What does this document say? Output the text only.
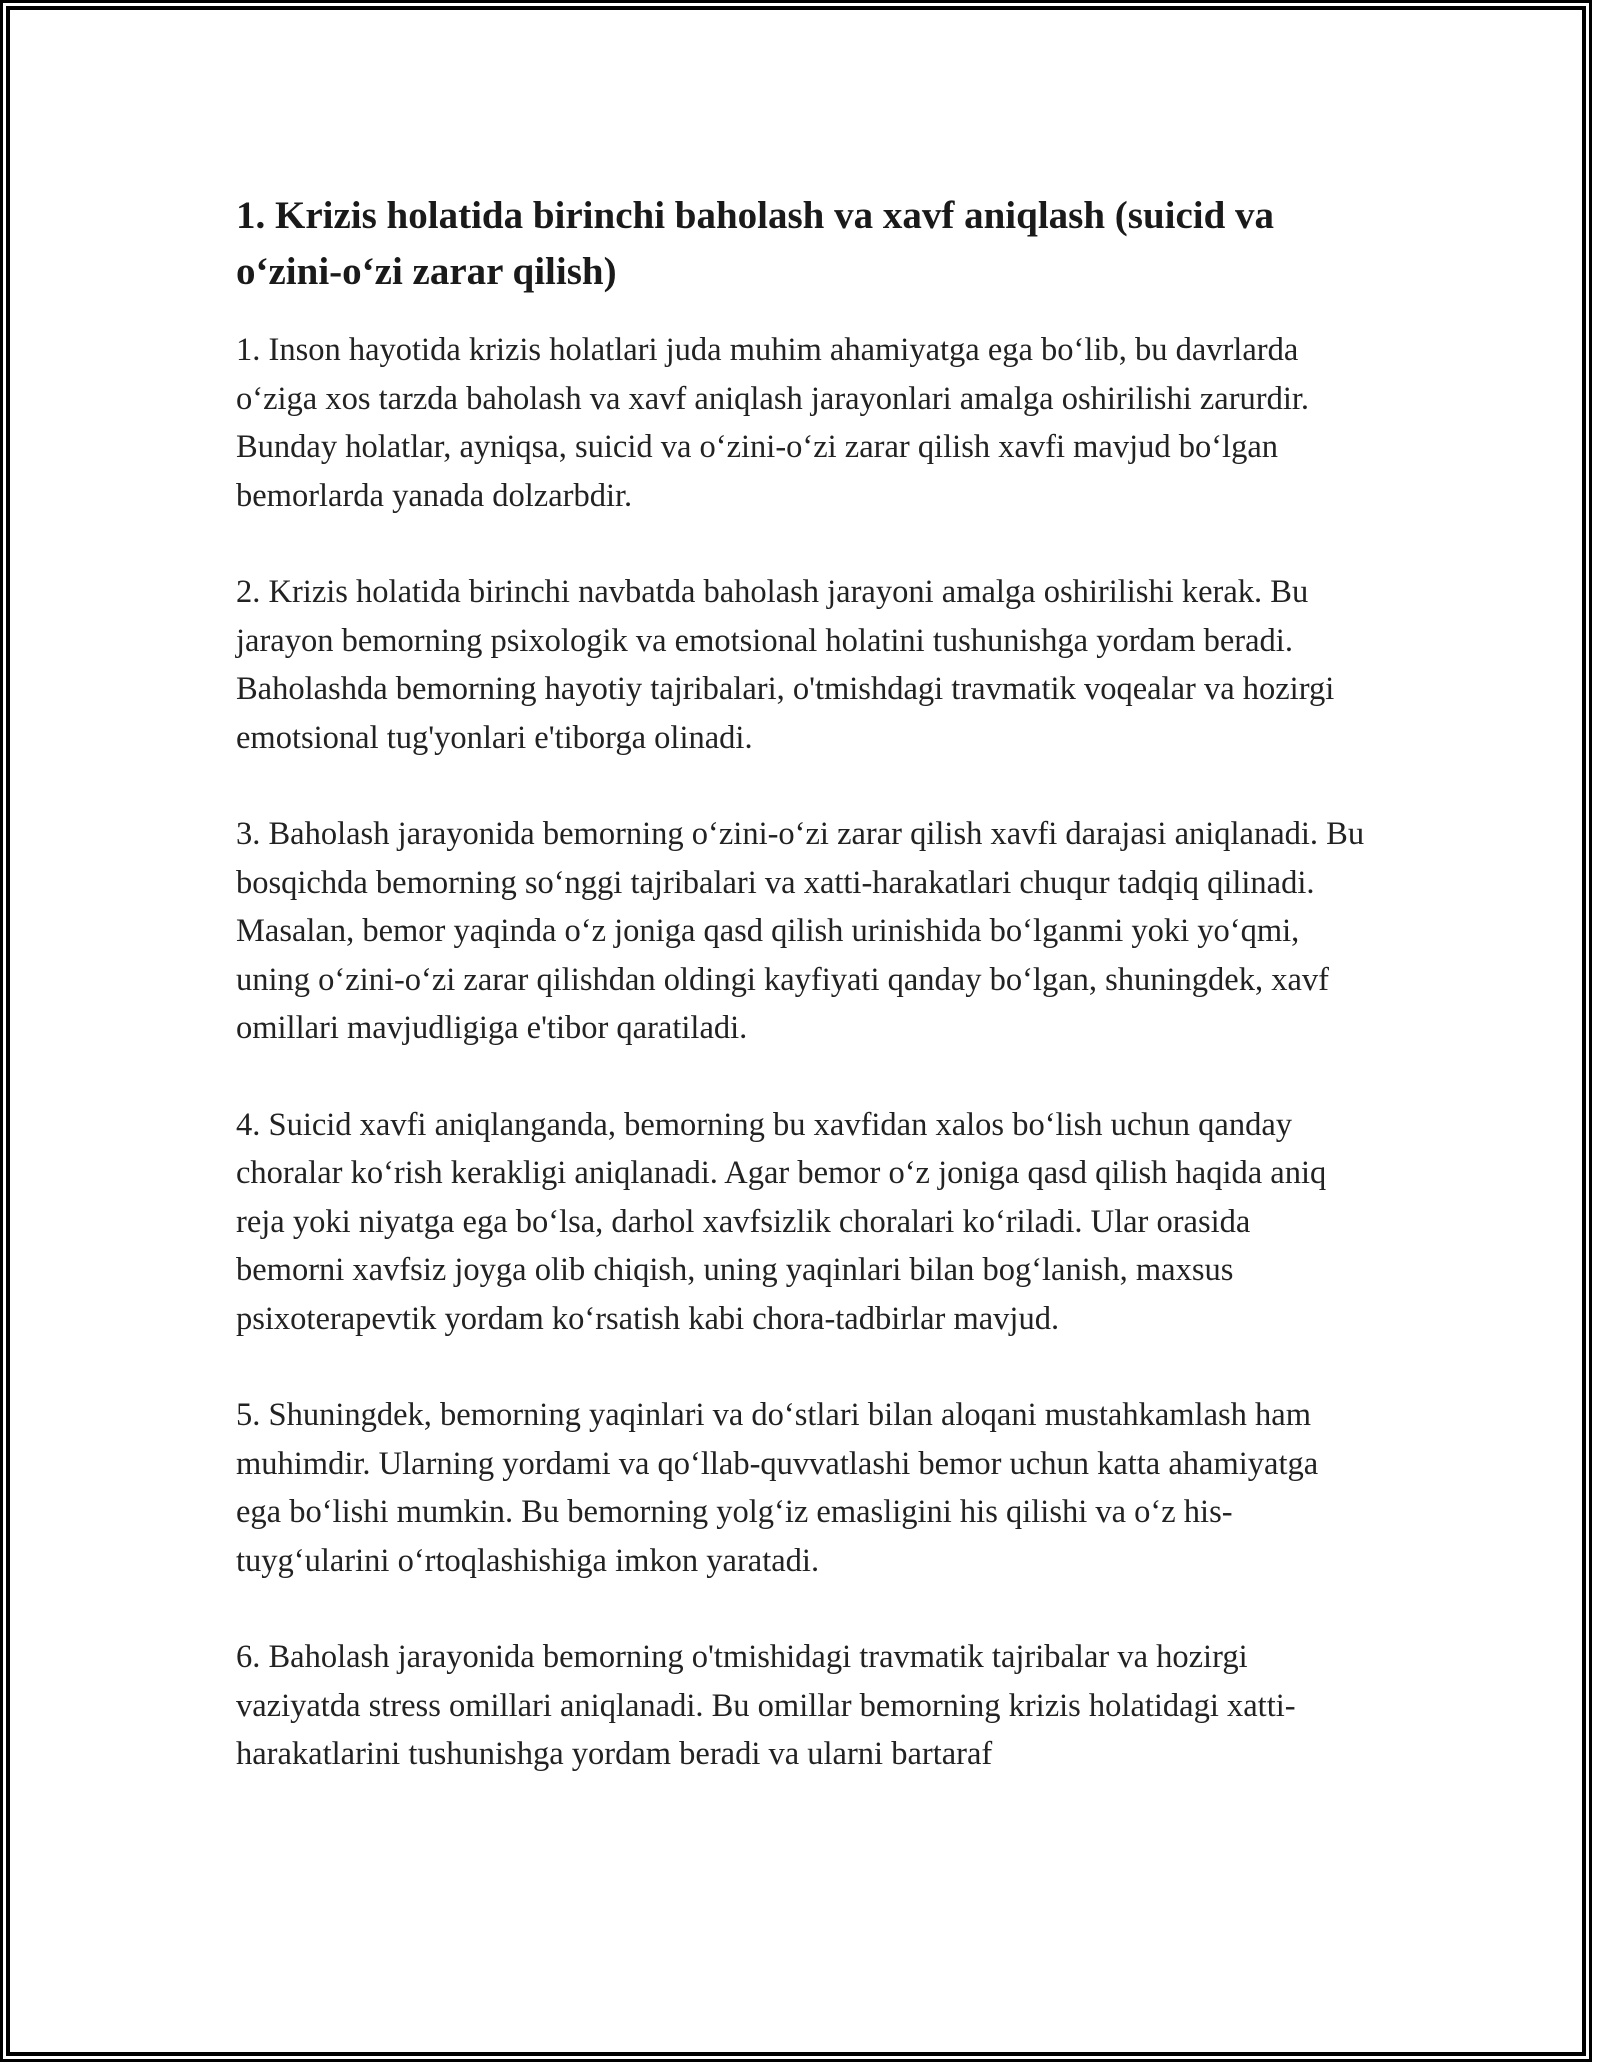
1. Krizis holatida birinchi baholash va xavf aniqlash (suicid va o‘zini-o‘zi zarar qilish)

1. Inson hayotida krizis holatlari juda muhim ahamiyatga ega bo‘lib, bu davrlarda o‘ziga xos tarzda baholash va xavf aniqlash jarayonlari amalga oshirilishi zarurdir. Bunday holatlar, ayniqsa, suicid va o‘zini-o‘zi zarar qilish xavfi mavjud bo‘lgan bemorlarda yanada dolzarbdir.

2. Krizis holatida birinchi navbatda baholash jarayoni amalga oshirilishi kerak. Bu jarayon bemorning psixologik va emotsional holatini tushunishga yordam beradi. Baholashda bemorning hayotiy tajribalari, o'tmishdagi travmatik voqealar va hozirgi emotsional tug'yonlari e'tiborga olinadi.

3. Baholash jarayonida bemorning o‘zini-o‘zi zarar qilish xavfi darajasi aniqlanadi. Bu bosqichda bemorning so‘nggi tajribalari va xatti-harakatlari chuqur tadqiq qilinadi. Masalan, bemor yaqinda o‘z joniga qasd qilish urinishida bo‘lganmi yoki yo‘qmi, uning o‘zini-o‘zi zarar qilishdan oldingi kayfiyati qanday bo‘lgan, shuningdek, xavf omillari mavjudligiga e'tibor qaratiladi.

4. Suicid xavfi aniqlanganda, bemorning bu xavfidan xalos bo‘lish uchun qanday choralar ko‘rish kerakligi aniqlanadi. Agar bemor o‘z joniga qasd qilish haqida aniq reja yoki niyatga ega bo‘lsa, darhol xavfsizlik choralari ko‘riladi. Ular orasida bemorni xavfsiz joyga olib chiqish, uning yaqinlari bilan bog‘lanish, maxsus psixoterapevtik yordam ko‘rsatish kabi chora-tadbirlar mavjud.

5. Shuningdek, bemorning yaqinlari va do‘stlari bilan aloqani mustahkamlash ham muhimdir. Ularning yordami va qo‘llab-quvvatlashi bemor uchun katta ahamiyatga ega bo‘lishi mumkin. Bu bemorning yolg‘iz emasligini his qilishi va o‘z his-tuyg‘ularini o‘rtoqlashishiga imkon yaratadi.

6. Baholash jarayonida bemorning o'tmishidagi travmatik tajribalar va hozirgi vaziyatda stress omillari aniqlanadi. Bu omillar bemorning krizis holatidagi xatti-harakatlarini tushunishga yordam beradi va ularni bartaraf
